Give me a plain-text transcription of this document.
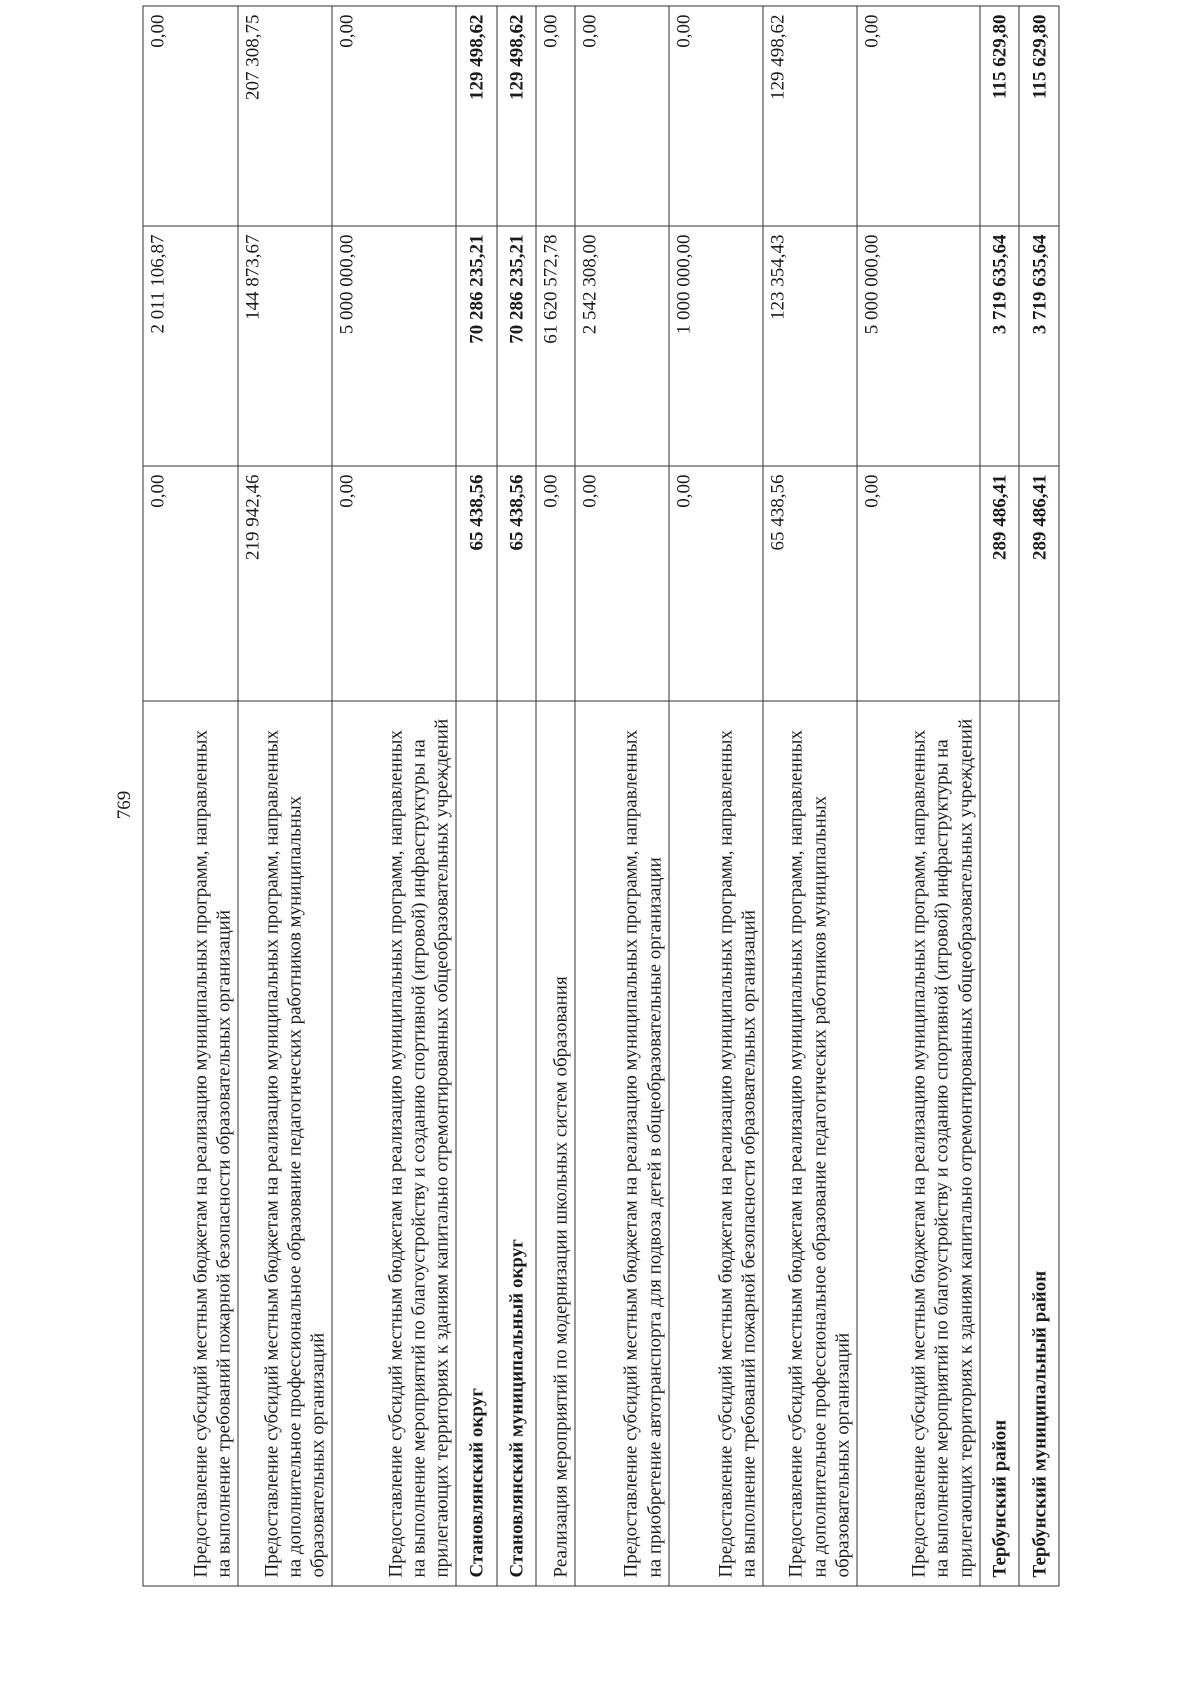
769	Предоставление субсидий местным бюджетам на реализацию муниципальных программ, направленных на выполнение требований пожарной безопасности образовательных организаций	0,00	2 011 106,87	0,00
Предоставление субсидий местным бюджетам на реализацию муниципальных программ, направленных на дополнительное профессиональное образование педагогических работников муниципальных образовательных организаций	219 942,46	144 873,67	207 308,75
Предоставление субсидий местным бюджетам на реализацию муниципальных программ, направленных на выполнение мероприятий по благоустройству и созданию спортивной (игровой) инфраструктуры на прилегающих территориях к зданиям капитально отремонтированных общеобразовательных учреждений	0,00	5 000 000,00	0,00
Становлянский округ	65 438,56	70 286 235,21	129 498,62
Становлянский муниципальный округ	65 438,56	70 286 235,21	129 498,62
Реализация мероприятий по модернизации школьных систем образования	0,00	61 620 572,78	0,00
Предоставление субсидий местным бюджетам на реализацию муниципальных программ, направленных на приобретение автотранспорта для подвоза детей в общеобразовательные организации	0,00	2 542 308,00	0,00
Предоставление субсидий местным бюджетам на реализацию муниципальных программ, направленных на выполнение требований пожарной безопасности образовательных организаций	0,00	1 000 000,00	0,00
Предоставление субсидий местным бюджетам на реализацию муниципальных программ, направленных на дополнительное профессиональное образование педагогических работников муниципальных образовательных организаций	65 438,56	123 354,43	129 498,62
Предоставление субсидий местным бюджетам на реализацию муниципальных программ, направленных на выполнение мероприятий по благоустройству и созданию спортивной (игровой) инфраструктуры на прилегающих территориях к зданиям капитально отремонтированных общеобразовательных учреждений	0,00	5 000 000,00	0,00
Тербунский район	289 486,41	3 719 635,64	115 629,80
Тербунский муниципальный район	289 486,41	3 719 635,64	115 629,80
